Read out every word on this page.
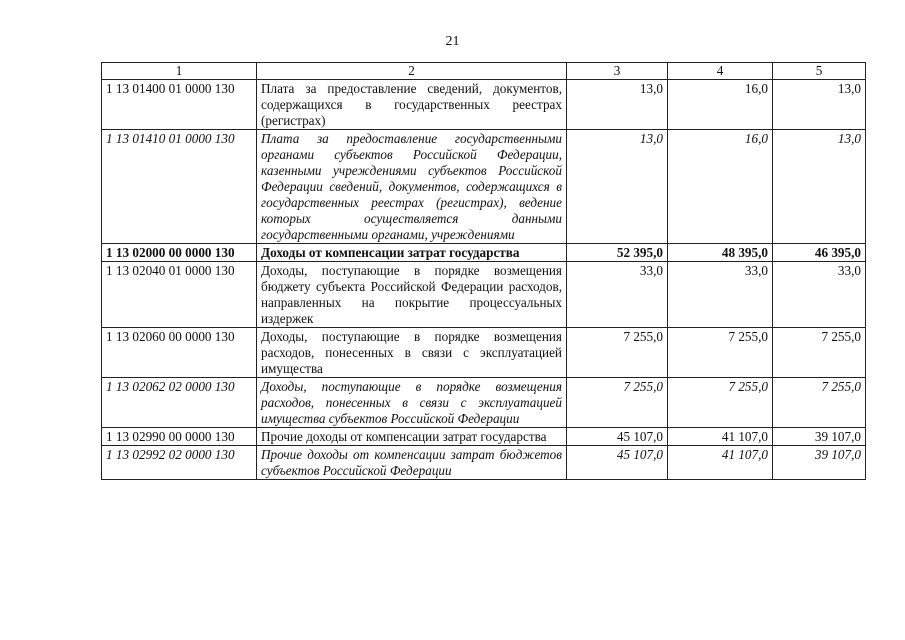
21
1	2	3	4	5
1 13 01400 01 0000 130	Плата за предоставление сведений, документов, содержащихся в государственных реестрах (регистрах)	13,0	16,0	13,0
1 13 01410 01 0000 130	Плата за предоставление государственными органами субъектов Российской Федерации, казенными учреждениями субъектов Российской Федерации сведений, документов, содержащихся в государственных реестрах (регистрах), ведение которых осуществляется данными государственными органами, учреждениями	13,0	16,0	13,0
1 13 02000 00 0000 130	Доходы от компенсации затрат государства	52 395,0	48 395,0	46 395,0
1 13 02040 01 0000 130	Доходы, поступающие в порядке возмещения бюджету субъекта Российской Федерации расходов, направленных на покрытие процессуальных издержек	33,0	33,0	33,0
1 13 02060 00 0000 130	Доходы, поступающие в порядке возмещения расходов, понесенных в связи с эксплуатацией имущества	7 255,0	7 255,0	7 255,0
1 13 02062 02 0000 130	Доходы, поступающие в порядке возмещения расходов, понесенных в связи с эксплуатацией имущества субъектов Российской Федерации	7 255,0	7 255,0	7 255,0
1 13 02990 00 0000 130	Прочие доходы от компенсации затрат государства	45 107,0	41 107,0	39 107,0
1 13 02992 02 0000 130	Прочие доходы от компенсации затрат бюджетов субъектов Российской Федерации	45 107,0	41 107,0	39 107,0
